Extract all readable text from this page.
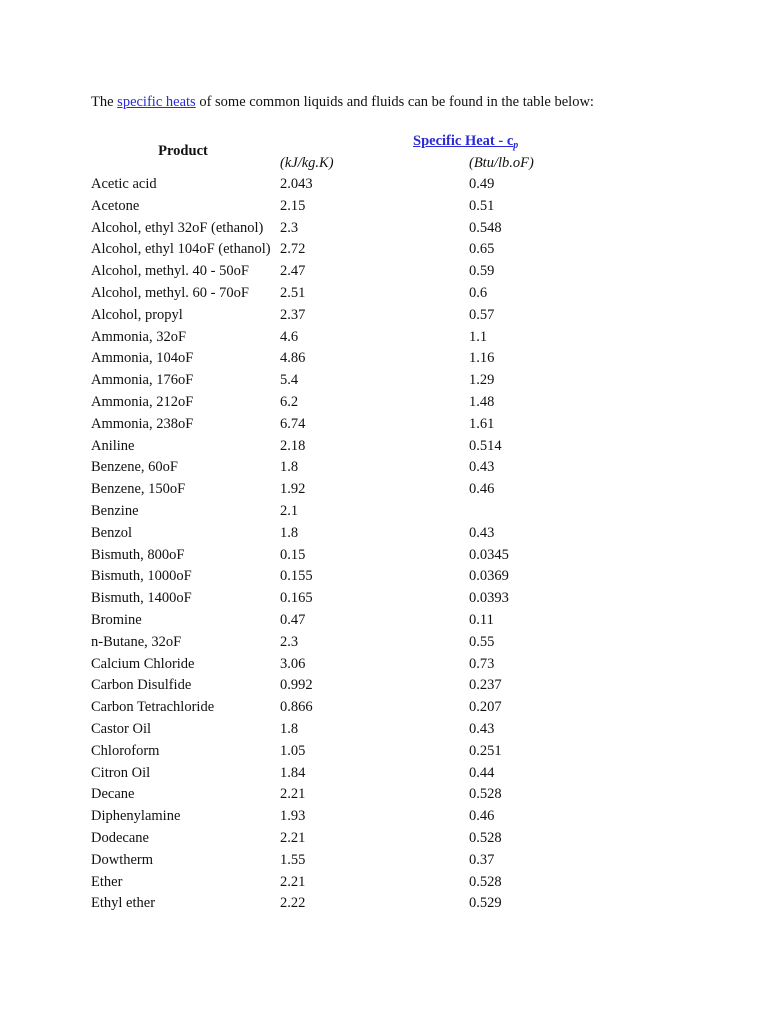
The specific heats of some common liquids and fluids can be found in the table below:
Product
Specific Heat - $c_p$
(kJ/kg.K)	(Btu/lb.oF)
Acetic acid	2.043	0.49
Acetone	2.15	0.51
Alcohol, ethyl 32oF (ethanol) 2.3	0.548
Alcohol, ethyl 104oF (ethanol) 2.72	0.65
Alcohol, methyl. 40 - 50oF 2.47	0.59
Alcohol, methyl. 60 - 70oF 2.51	0.6
Alcohol, propyl	2.37	0.57
Ammonia, 32oF	4.6	1.1
Ammonia, 104oF	4.86	1.16
Ammonia, 176oF	5.4	1.29
Ammonia, 212oF	6.2	1.48
Ammonia, 238oF	6.74	1.61
Aniline	2.18	0.514
Benzene, 60oF	1.8	0.43
Benzene, 150oF	1.92	0.46
Benzine	2.1
Benzol	1.8	0.43
Bismuth, 800oF	0.15	0.0345
Bismuth, 1000oF	0.155	0.0369
Bismuth, 1400oF	0.165	0.0393
Bromine	0.47	0.11
n-Butane, 32oF	2.3	0.55
Calcium Chloride	3.06	0.73
Carbon Disulfide	0.992	0.237
Carbon Tetrachloride	0.866	0.207
Castor Oil	1.8	0.43
Chloroform	1.05	0.251
Citron Oil	1.84	0.44
Decane	2.21	0.528
Diphenylamine	1.93	0.46
Dodecane	2.21	0.528
Dowtherm	1.55	0.37
Ether	2.21	0.528
Ethyl ether	2.22	0.529
